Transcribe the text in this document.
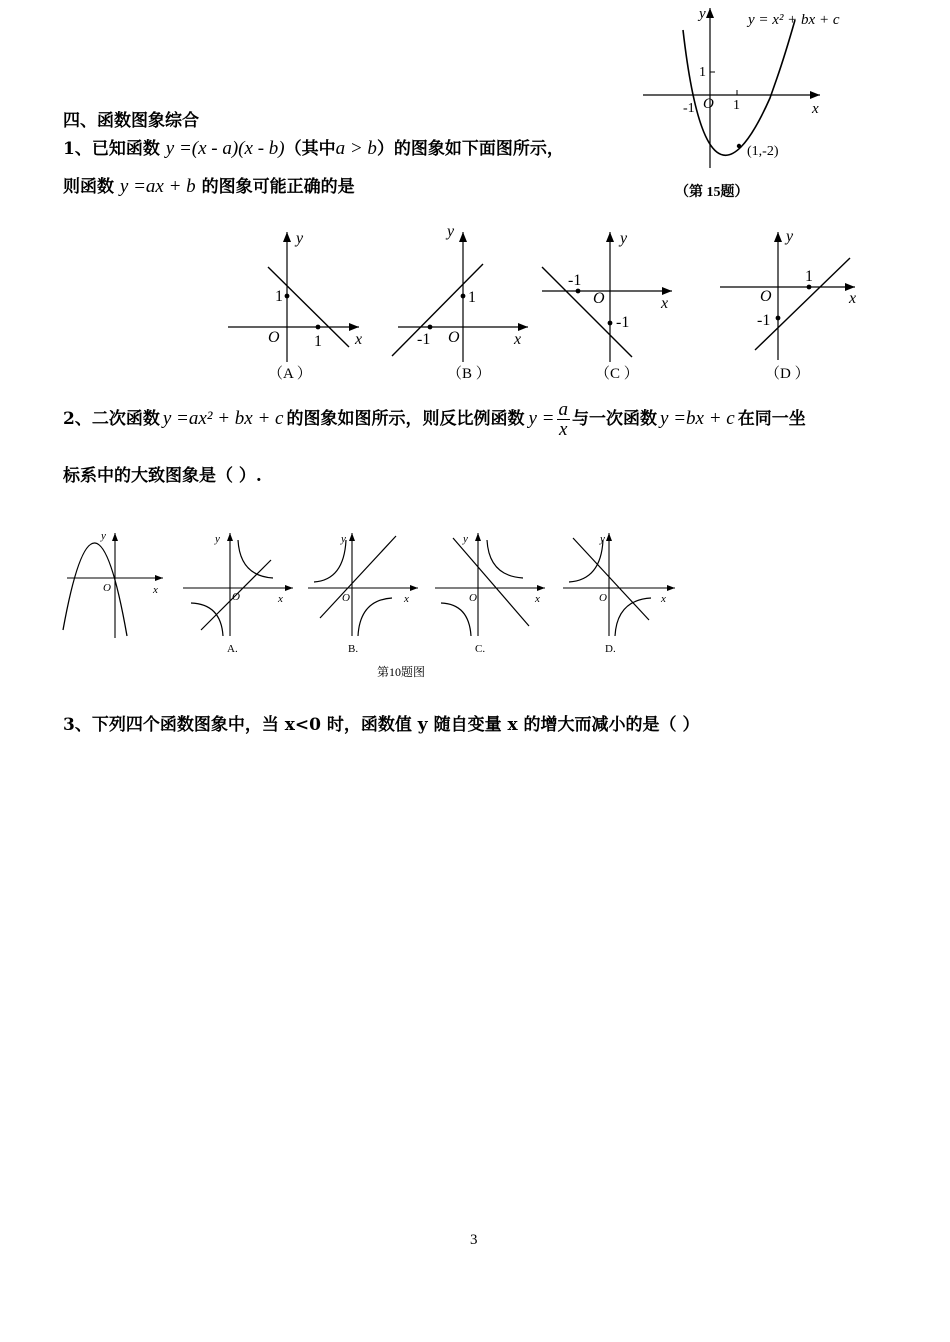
四、函数图象综合
1、已知函数 y =(x - a)(x - b)（其中a > b）的图象如下面图所示，
则函数 y =ax + b 的图象可能正确的是
x
y
O
-1	1
1
(1,-2)
y = x² + bx + c
（第 15题）
y
x
O
1
1
（A ）
y
x
O
1
-1
（B ）
y
x
O
-1
-1
（C ）
y
x
O
1
-1
（D ）
2、二次函数 y =ax² + bx + c 的图象如图所示，则反比例函数 $y = \frac{a}{x}$ 与一次函数 y =bx + c 在同一坐
标系中的大致图象是（ ）.
y
x
O
y
x
O
A.
y
x
O
B.
y
x
O
C.
y
x
O
D.
第10题图
3、下列四个函数图象中，当 x<0 时，函数值 y 随自变量 x 的增大而减小的是（ ）
3
